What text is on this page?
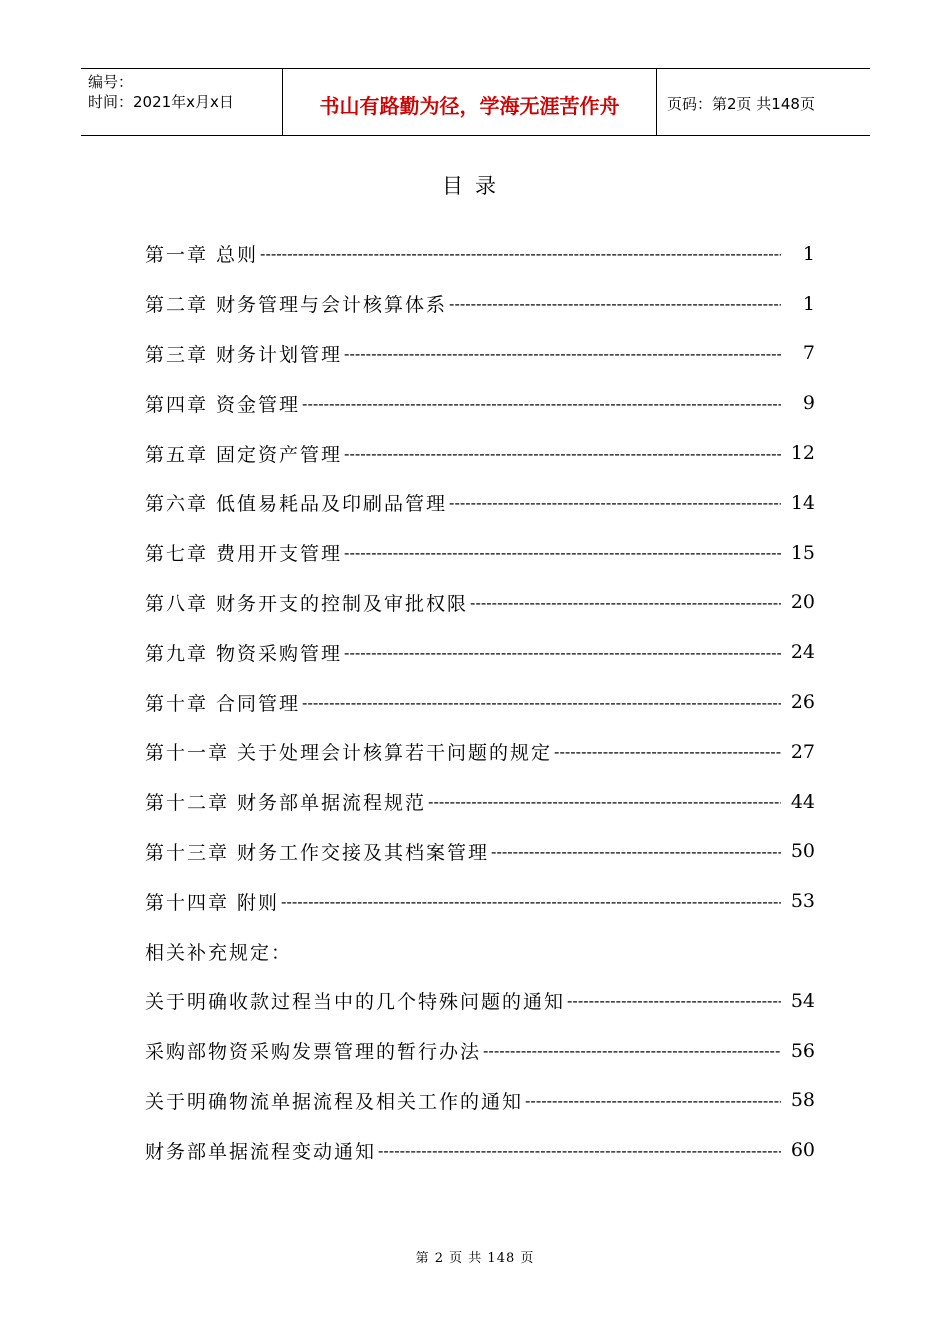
编号：
时间：2021年x月x日	书山有路勤为径，学海无涯苦作舟	页码：第2页 共148页
目录
第一章 总则 -----	1
第二章 财务管理与会计核算体系 -----	1
第三章 财务计划管理 -----	7
第四章 资金管理 -----	9
第五章 固定资产管理 -----	12
第六章 低值易耗品及印刷品管理 -----	14
第七章 费用开支管理 -----	15
第八章 财务开支的控制及审批权限 -----	20
第九章 物资采购管理 -----	24
第十章 合同管理 -----	26
第十一章 关于处理会计核算若干问题的规定 -----	27
第十二章 财务部单据流程规范 -----	44
第十三章 财务工作交接及其档案管理 -----	50
第十四章 附则 -----	53
相关补充规定：
关于明确收款过程当中的几个特殊问题的通知 -----	54
采购部物资采购发票管理的暂行办法 -----	56
关于明确物流单据流程及相关工作的通知 -----	58
财务部单据流程变动通知 -----	60
第 2 页 共 148 页
